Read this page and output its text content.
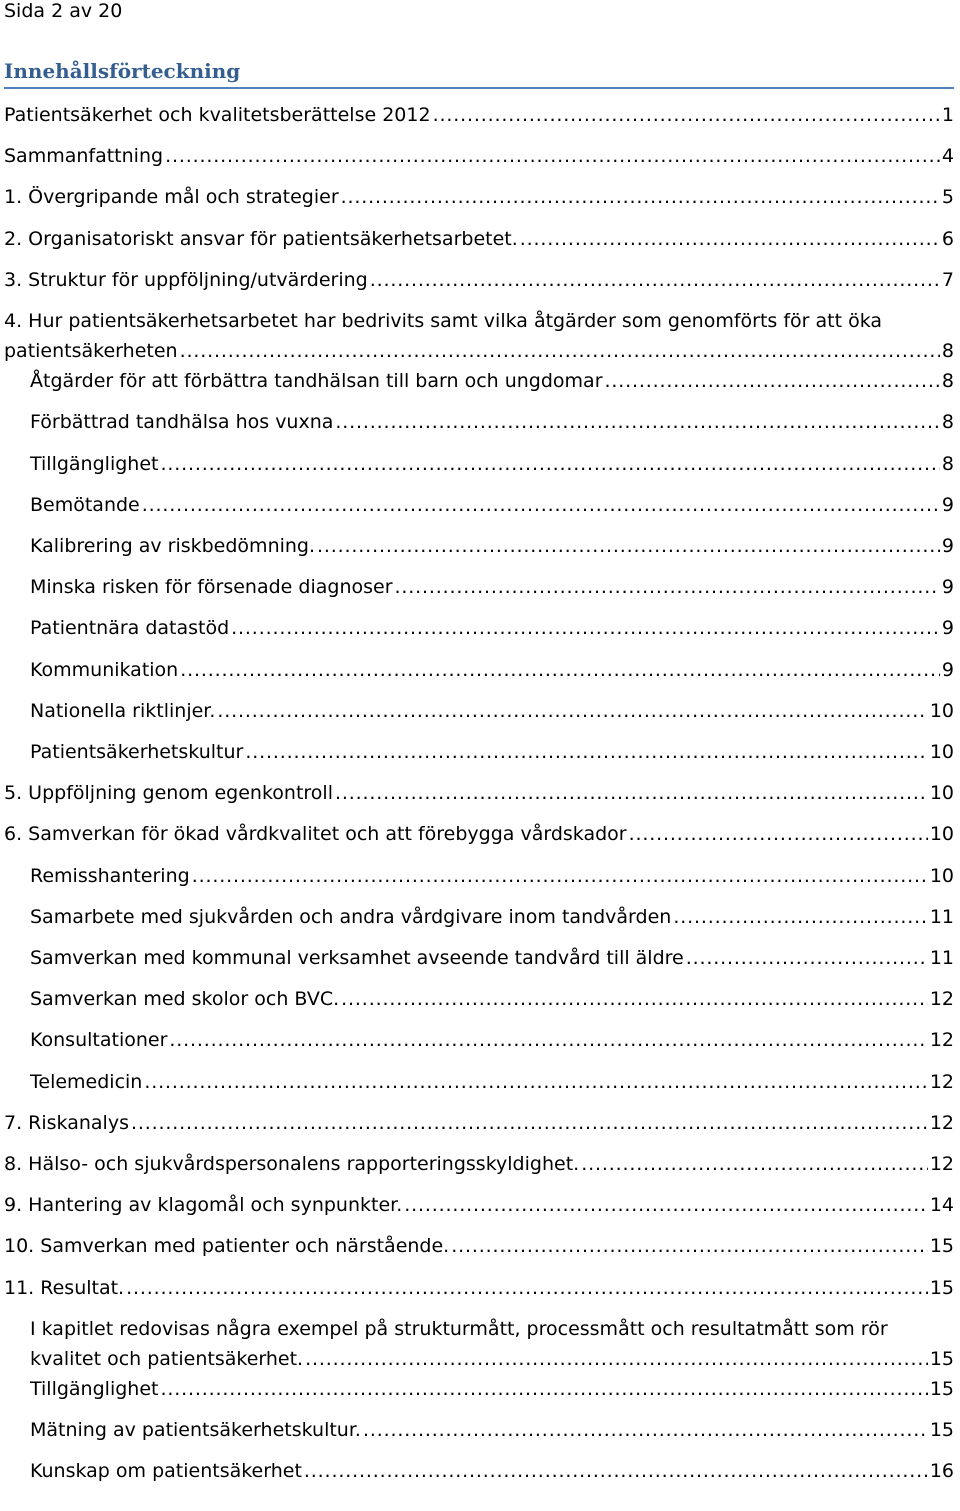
Sida 2 av 20
Innehållsförteckning
Patientsäkerhet och kvalitetsberättelse 2012 . . .	1
Sammanfattning . . .	4
1. Övergripande mål och strategier . . .	5
2. Organisatoriskt ansvar för patientsäkerhetsarbetet. . . .	6
3. Struktur för uppföljning/utvärdering . . .	7
4. Hur patientsäkerhetsarbetet har bedrivits samt vilka åtgärder som genomförts för att öka
patientsäkerheten . . .	8
Åtgärder för att förbättra tandhälsan till barn och ungdomar . . .	8
Förbättrad tandhälsa hos vuxna . . .	8
Tillgänglighet . . .	8
Bemötande . . .	9
Kalibrering av riskbedömning. . . .	9
Minska risken för försenade diagnoser . . .	9
Patientnära datastöd . . .	9
Kommunikation . . .	9
Nationella riktlinjer. . . .	10
Patientsäkerhetskultur . . .	10
5. Uppföljning genom egenkontroll . . .	10
6. Samverkan för ökad vårdkvalitet och att förebygga vårdskador . . .	10
Remisshantering . . .	10
Samarbete med sjukvården och andra vårdgivare inom tandvården . . .	11
Samverkan med kommunal verksamhet avseende tandvård till äldre . . .	11
Samverkan med skolor och BVC. . . .	12
Konsultationer . . .	12
Telemedicin . . .	12
7. Riskanalys . . .	12
8. Hälso- och sjukvårdspersonalens rapporteringsskyldighet. . . .	12
9. Hantering av klagomål och synpunkter. . . .	14
10. Samverkan med patienter och närstående. . . .	15
11. Resultat. . . .	15
I kapitlet redovisas några exempel på strukturmått, processmått och resultatmått som rör
kvalitet och patientsäkerhet. . . .	15
Tillgänglighet . . .	15
Mätning av patientsäkerhetskultur. . . .	15
Kunskap om patientsäkerhet . . .	16
